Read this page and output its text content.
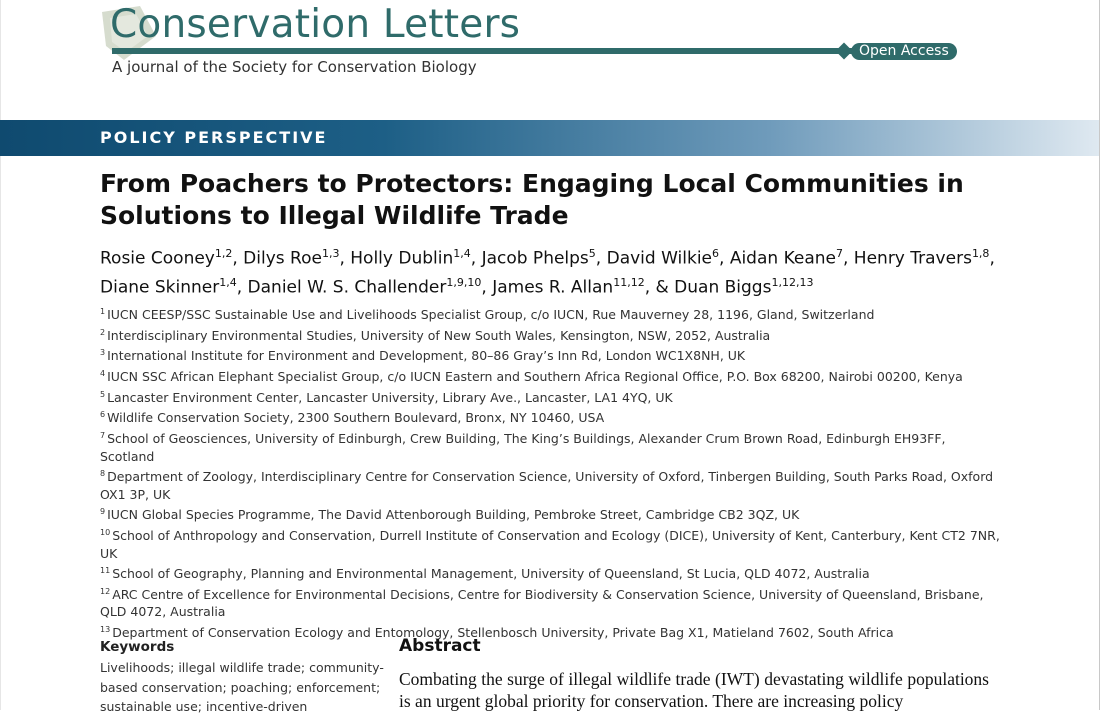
Conservation Letters
Open Access
A journal of the Society for Conservation Biology
POLICY PERSPECTIVE
From Poachers to Protectors: Engaging Local Communities in Solutions to Illegal Wildlife Trade
Rosie Cooney$^{1,2}$, Dilys Roe$^{1,3}$, Holly Dublin$^{1,4}$, Jacob Phelps$^5$, David Wilkie$^6$, Aidan Keane$^7$, Henry Travers$^{1,8}$, Diane Skinner$^{1,4}$, Daniel W. S. Challender$^{1,9,10}$, James R. Allan$^{11,12}$, & Duan Biggs$^{1,12,13}$
$^1$ IUCN CEESP/SSC Sustainable Use and Livelihoods Specialist Group, c/o IUCN, Rue Mauverney 28, 1196, Gland, Switzerland
$^2$ Interdisciplinary Environmental Studies, University of New South Wales, Kensington, NSW, 2052, Australia
$^3$ International Institute for Environment and Development, 80–86 Gray’s Inn Rd, London WC1X8NH, UK
$^4$ IUCN SSC African Elephant Specialist Group, c/o IUCN Eastern and Southern Africa Regional Office, P.O. Box 68200, Nairobi 00200, Kenya
$^5$ Lancaster Environment Center, Lancaster University, Library Ave., Lancaster, LA1 4YQ, UK
$^6$ Wildlife Conservation Society, 2300 Southern Boulevard, Bronx, NY 10460, USA
$^7$ School of Geosciences, University of Edinburgh, Crew Building, The King’s Buildings, Alexander Crum Brown Road, Edinburgh EH93FF, Scotland
$^8$ Department of Zoology, Interdisciplinary Centre for Conservation Science, University of Oxford, Tinbergen Building, South Parks Road, Oxford OX1 3P, UK
$^9$ IUCN Global Species Programme, The David Attenborough Building, Pembroke Street, Cambridge CB2 3QZ, UK
$^{10}$ School of Anthropology and Conservation, Durrell Institute of Conservation and Ecology (DICE), University of Kent, Canterbury, Kent CT2 7NR, UK
$^{11}$ School of Geography, Planning and Environmental Management, University of Queensland, St Lucia, QLD 4072, Australia
$^{12}$ ARC Centre of Excellence for Environmental Decisions, Centre for Biodiversity & Conservation Science, University of Queensland, Brisbane, QLD 4072, Australia
$^{13}$ Department of Conservation Ecology and Entomology, Stellenbosch University, Private Bag X1, Matieland 7602, South Africa
Keywords
Livelihoods; illegal wildlife trade; community-based conservation; poaching; enforcement; sustainable use; incentive-driven
Abstract
Combating the surge of illegal wildlife trade (IWT) devastating wildlife populations is an urgent global priority for conservation. There are increasing policy
